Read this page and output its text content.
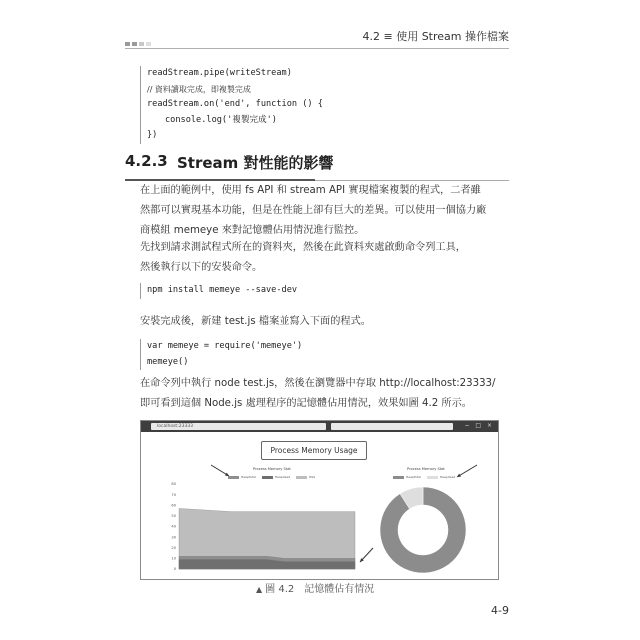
4.2 ≡ 使用 Stream 操作檔案
readStream.pipe(writeStream)
// 資料讀取完成，即複製完成
readStream.on('end', function () {
console.log('複製完成')
})
4.2.3 Stream 對性能的影響
在上面的範例中，使用 fs API 和 stream API 實現檔案複製的程式，二者雖
然都可以實現基本功能，但是在性能上卻有巨大的差異。可以使用一個協力廠
商模組 memeye 來對記憶體佔用情況進行監控。
先找到請求測試程式所在的資料夾，然後在此資料夾處啟動命令列工具，
然後執行以下的安裝命令。
npm install memeye --save-dev
安裝完成後，新建 test.js 檔案並寫入下面的程式。
var memeye = require('memeye')
memeye()
在命令列中執行 node test.js，然後在瀏覽器中存取 http://localhost:23333/
即可看到這個 Node.js 處理程序的記憶體佔用情況，效果如圖 4.2 所示。
localhost:23333	− □ ×
Process Memory Usage
Process Memory Stat
HeapTotal	HeapUsed	RSS
Process Memory Stat
HeapTotal	HeapUsed
80
70
60
50
40
30
20
10
0
▲ 圖 4.2　記憶體佔有情況
4-9
